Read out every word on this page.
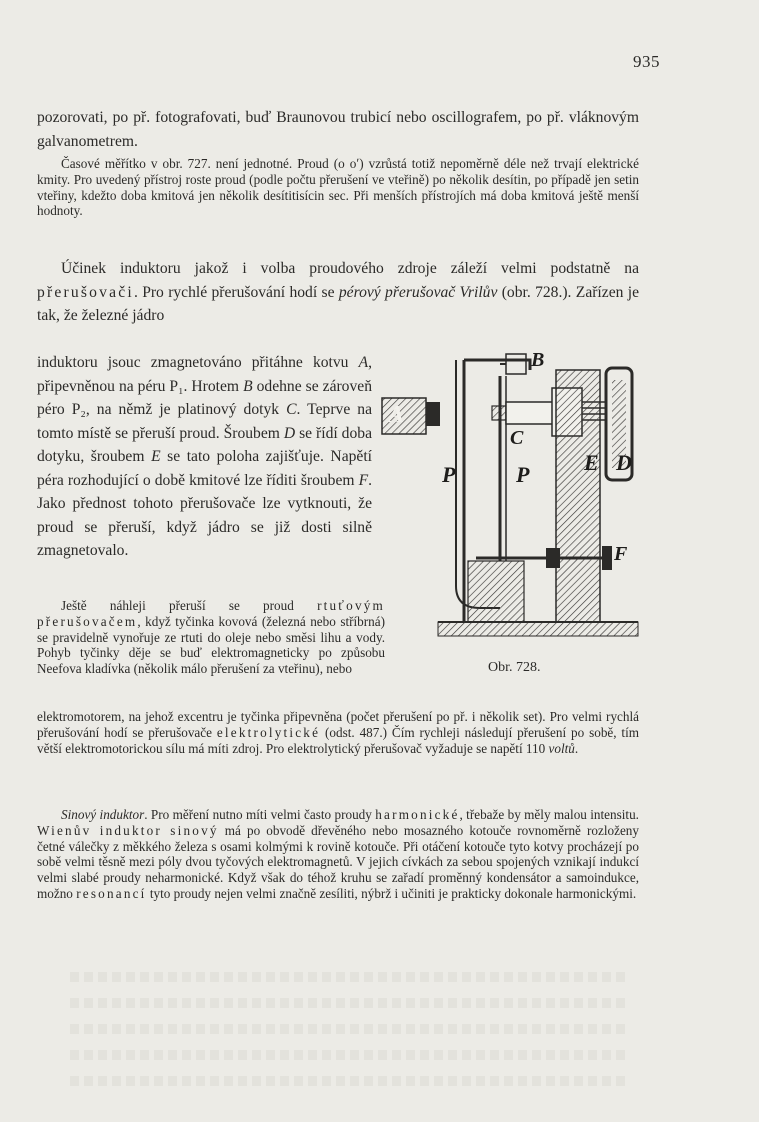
935

pozorovati, po př. fotografovati, buď Braunovou trubicí nebo oscillografem, po př. vláknovým galvanometrem.

Časové měřítko v obr. 727. není jednotné. Proud (o oʹ) vzrůstá totiž nepoměrně déle než trvají elektrické kmity. Pro uvedený přístroj roste proud (podle počtu přerušení ve vteřině) po několik desítin, po případě jen setin vteřiny, kdežto doba kmitová jen několik desítitisícin sec. Při menších přístrojích má doba kmitová ještě menší hodnoty.

Účinek induktoru jakož i volba proudového zdroje záleží velmi podstatně na přerušovači. Pro rychlé přerušování hodí se pérový přerušovač Vrilův (obr. 728.). Zařízen je tak, že železné jádro

induktoru jsouc zmagnetováno přitáhne kotvu A, připevněnou na péru P₁. Hrotem B odehne se zároveň péro P₂, na němž je platinový dotyk C. Teprve na tomto místě se přeruší proud. Šroubem D se řídí doba dotyku, šroubem E se tato poloha zajišťuje. Napětí péra rozhodující o době kmitové lze říditi šroubem F. Jako přednost tohoto přerušovače lze vytknouti, že proud se přeruší, když jádro se již dosti silně zmagnetovalo.

B
A
C
E D
P	P
F
Obr. 728.

Ještě náhleji přeruší se proud rtuťovým přerušovačem, když tyčinka kovová (železná nebo stříbrná) se pravidelně vynořuje ze rtuti do oleje nebo směsi lihu a vody. Pohyb tyčinky děje se buď elektromagneticky po způsobu Neefova kladívka (několik málo přerušení za vteřinu), nebo

elektromotorem, na jehož excentru je tyčinka připevněna (počet přerušení po př. i několik set). Pro velmi rychlá přerušování hodí se přerušovače elektrolytické (odst. 487.) Čím rychleji následují přerušení po sobě, tím větší elektromotorickou sílu má míti zdroj. Pro elektrolytický přerušovač vyžaduje se napětí 110 voltů.

Sinový induktor. Pro měření nutno míti velmi často proudy harmonické, třebaže by měly malou intensitu. Wienův induktor sinový má po obvodě dřevěného nebo mosazného kotouče rovnoměrně rozloženy četné válečky z měkkého železa s osami kolmými k rovině kotouče. Při otáčení kotouče tyto kotvy procházejí po sobě velmi těsně mezi póly dvou tyčových elektromagnetů. V jejich cívkách za sebou spojených vznikají indukcí velmi slabé proudy neharmonické. Když však do téhož kruhu se zařadí proměnný kondensátor a samoindukce, možno resonancí tyto proudy nejen velmi značně zesíliti, nýbrž i učiniti je prakticky dokonale harmonickými.
